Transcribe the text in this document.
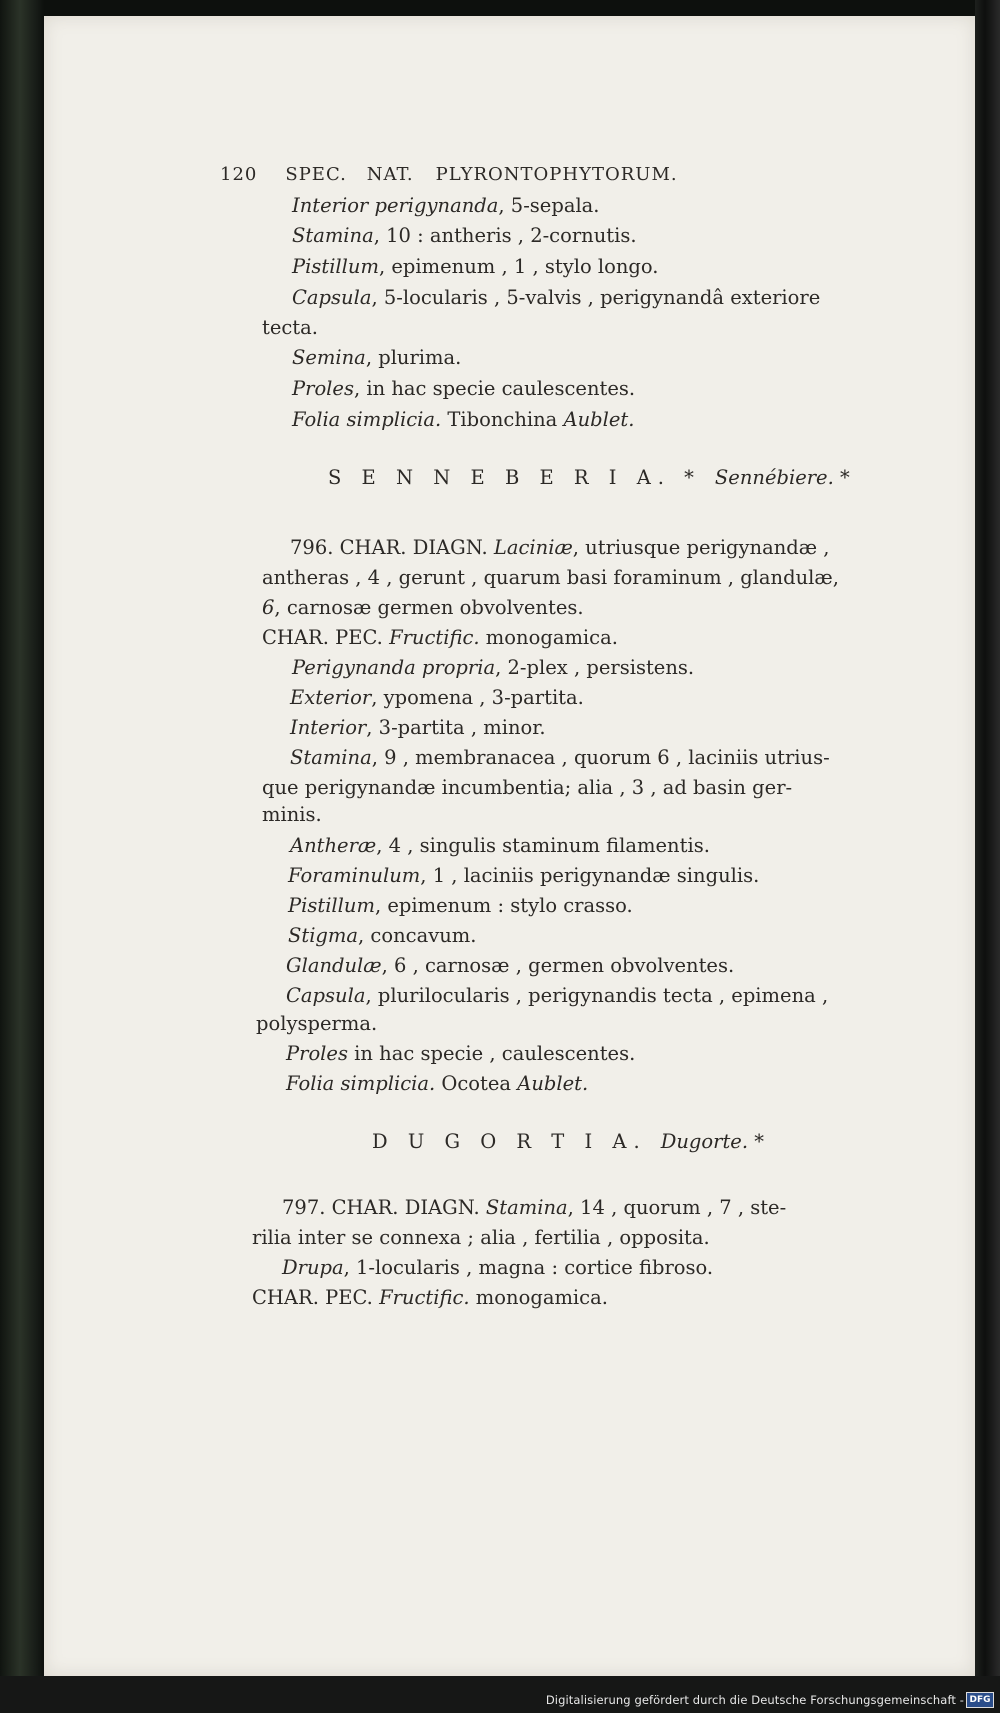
Digitalisierung gefördert durch die Deutsche Forschungsgemeinschaft - DFG
120 SPEC. NAT. PLYRONTOPHYTORUM.
Interior perigynanda, 5-sepala.
Stamina, 10 : antheris , 2-cornutis.
Pistillum, epimenum , 1 , stylo longo.
Capsula, 5-locularis , 5-valvis , perigynandâ exteriore
tecta.
Semina, plurima.
Proles, in hac specie caulescentes.
Folia simplicia. Tibonchina Aublet.
S E N N E B E R I A. * Sennébiere. *
796. CHAR. DIAGN. Laciniæ, utriusque perigynandæ ,
antheras , 4 , gerunt , quarum basi foraminum , glandulæ,
6, carnosæ germen obvolventes.
CHAR. PEC. Fructific. monogamica.
Perigynanda propria, 2-plex , persistens.
Exterior, ypomena , 3-partita.
Interior, 3-partita , minor.
Stamina, 9 , membranacea , quorum 6 , laciniis utrius-
que perigynandæ incumbentia; alia , 3 , ad basin ger-
minis.
Antheræ, 4 , singulis staminum filamentis.
Foraminulum, 1 , laciniis perigynandæ singulis.
Pistillum, epimenum : stylo crasso.
Stigma, concavum.
Glandulæ, 6 , carnosæ , germen obvolventes.
Capsula, plurilocularis , perigynandis tecta , epimena ,
polysperma.
Proles in hac specie , caulescentes.
Folia simplicia. Ocotea Aublet.
D U G O R T I A. Dugorte. *
797. CHAR. DIAGN. Stamina, 14 , quorum , 7 , ste-
rilia inter se connexa ; alia , fertilia , opposita.
Drupa, 1-locularis , magna : cortice fibroso.
CHAR. PEC. Fructific. monogamica.
